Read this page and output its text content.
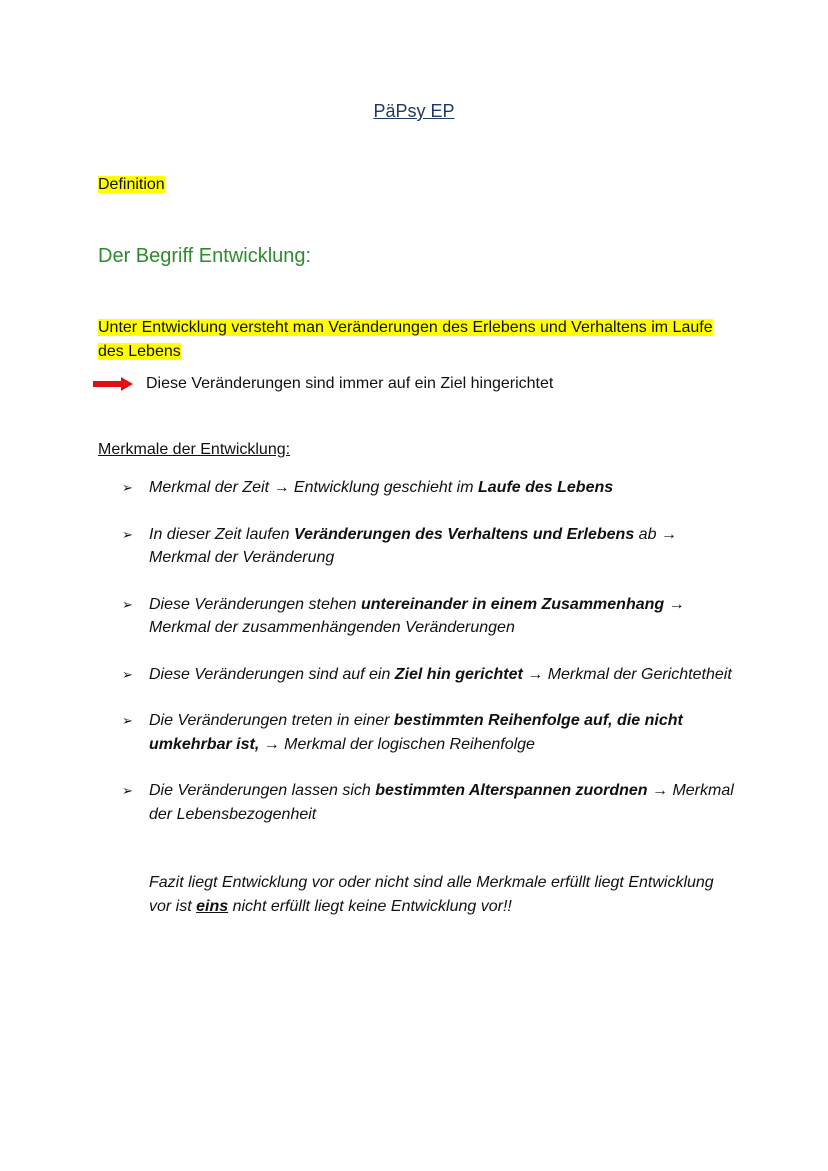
PäPsy EP
Definition
Der Begriff Entwicklung:
Unter Entwicklung versteht man Veränderungen des Erlebens und Verhaltens im Laufe des Lebens
Diese Veränderungen sind immer auf ein Ziel hingerichtet
Merkmale der Entwicklung:
➢	Merkmal der Zeit → Entwicklung geschieht im Laufe des Lebens
➢	In dieser Zeit laufen Veränderungen des Verhaltens und Erlebens ab → Merkmal der Veränderung
➢	Diese Veränderungen stehen untereinander in einem Zusammenhang → Merkmal der zusammenhängenden Veränderungen
➢	Diese Veränderungen sind auf ein Ziel hin gerichtet → Merkmal der Gerichtetheit
➢	Die Veränderungen treten in einer bestimmten Reihenfolge auf, die nicht umkehrbar ist, → Merkmal der logischen Reihenfolge
➢	Die Veränderungen lassen sich bestimmten Alterspannen zuordnen → Merkmal der Lebensbezogenheit
Fazit liegt Entwicklung vor oder nicht sind alle Merkmale erfüllt liegt Entwicklung vor ist eins nicht erfüllt liegt keine Entwicklung vor!!
